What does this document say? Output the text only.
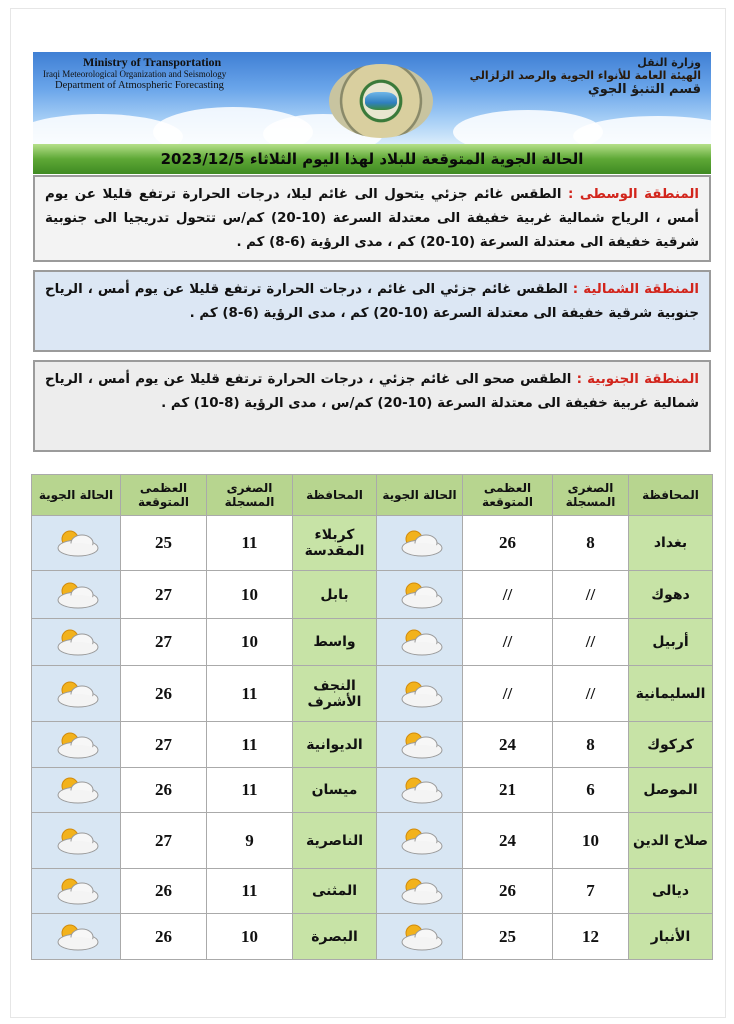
Ministry of Transportation
Iraqi Meteorological Organization and Seismology
Department of Atmospheric Forecasting
وزارة النقل
الهيئة العامة للأنواء الجوية والرصد الزلزالي
قسم التنبؤ الجوي
الحالة الجوية المتوقعة للبلاد لهذا اليوم الثلاثاء 2023/12/5
المنطقة الوسطى : الطقس غائم جزئي يتحول الى غائم ليلا، درجات الحرارة ترتفع قليلا عن يوم أمس ، الرياح شمالية غربية خفيفة الى معتدلة السرعة (10-20) كم/س تتحول تدريجيا الى جنوبية شرقية خفيفة الى معتدلة السرعة (10-20) كم ، مدى الرؤية (6-8) كم .
المنطقة الشمالية : الطقس غائم جزئي الى غائم ، درجات الحرارة ترتفع قليلا عن يوم أمس ، الرياح جنوبية شرقية خفيفة الى معتدلة السرعة (10-20) كم ، مدى الرؤية (6-8) كم .
المنطقة الجنوبية : الطقس صحو الى غائم جزئي ، درجات الحرارة ترتفع قليلا عن يوم أمس ، الرياح شمالية غربية خفيفة الى معتدلة السرعة (10-20) كم/س ، مدى الرؤية (8-10) كم .
المحافظة	الصغرى المسجلة	العظمى المتوقعة	الحالة الجوية	المحافظة	الصغرى المسجلة	العظمى المتوقعة	الحالة الجوية
بغداد	8	26		كربلاء المقدسة	11	25	
دهوك	//	//		بابل	10	27	
أربيل	//	//		واسط	10	27	
السليمانية	//	//		النجف الأشرف	11	26	
كركوك	8	24		الديوانية	11	27	
الموصل	6	21		ميسان	11	26	
صلاح الدين	10	24		الناصرية	9	27	
ديالى	7	26		المثنى	11	26	
الأنبار	12	25		البصرة	10	26	
